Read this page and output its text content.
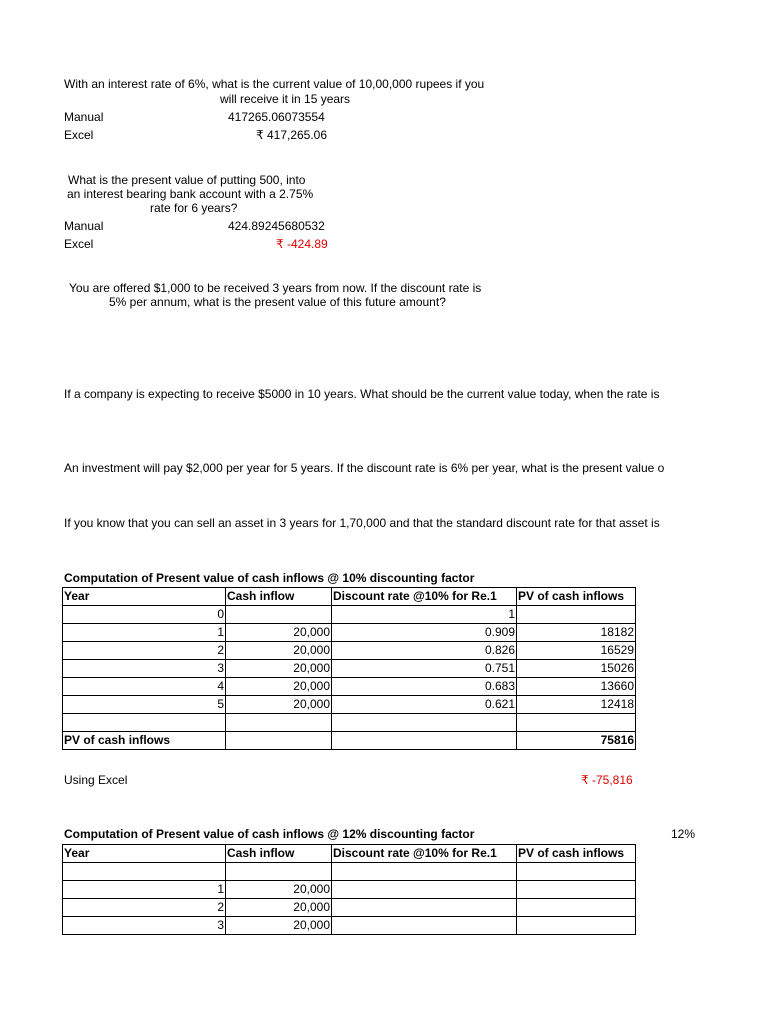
With an interest rate of 6%, what is the current value of 10,00,000 rupees if you
will receive it in 15 years
Manual	417265.06073554
Excel	₹ 417,265.06
What is the present value of putting 500, into
an interest bearing bank account with a 2.75%
rate for 6 years?
Manual	424.89245680532
Excel	₹ -424.89
You are offered $1,000 to be received 3 years from now. If the discount rate is
5% per annum, what is the present value of this future amount?
If a company is expecting to receive $5000 in 10 years. What should be the current value today, when the rate is
An investment will pay $2,000 per year for 5 years. If the discount rate is 6% per year, what is the present value o
If you know that you can sell an asset in 3 years for 1,70,000 and that the standard discount rate for that asset is
Computation of Present value of cash inflows @ 10% discounting factor
Year	Cash inflow	Discount rate @10% for Re.1	PV of cash inflows
0		1	
1	20,000	0.909	18182
2	20,000	0.826	16529
3	20,000	0.751	15026
4	20,000	0.683	13660
5	20,000	0.621	12418

PV of cash inflows			75816
Using Excel	₹ -75,816
Computation of Present value of cash inflows @ 12% discounting factor	12%
Year	Cash inflow	Discount rate @10% for Re.1	PV of cash inflows

1	20,000		
2	20,000		
3	20,000		
